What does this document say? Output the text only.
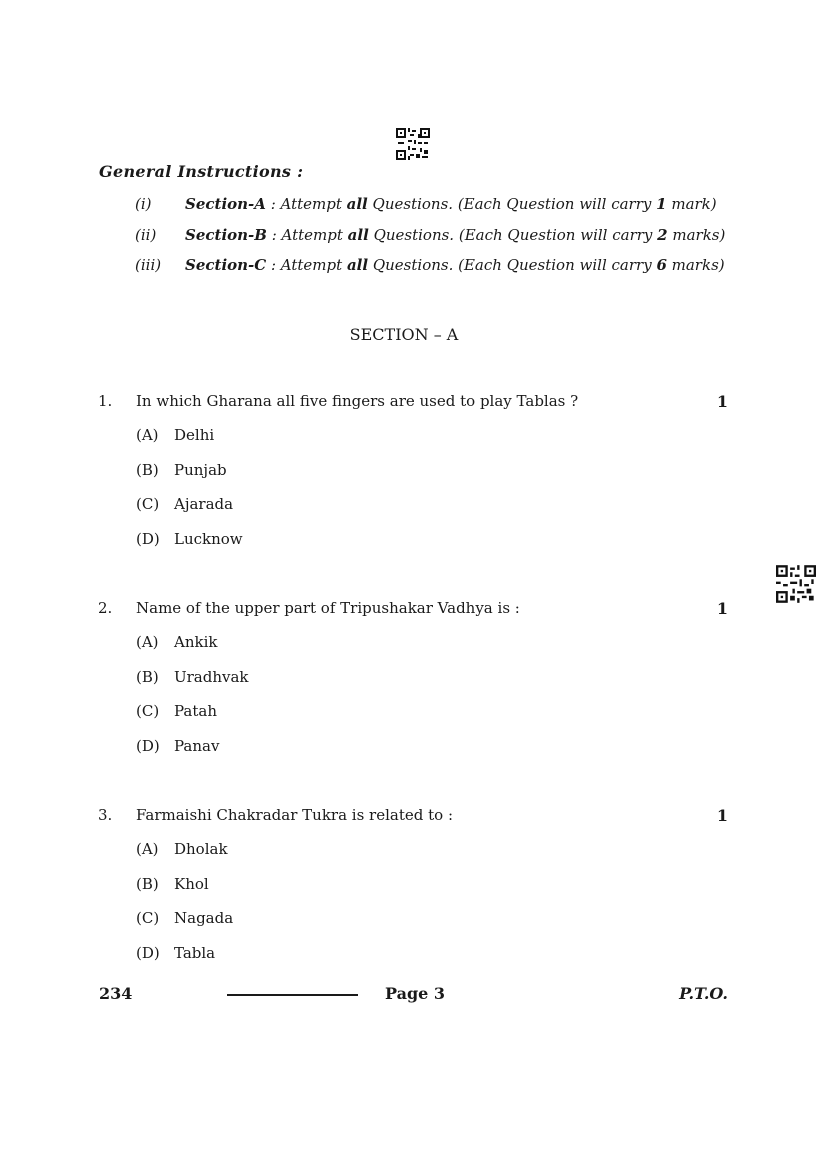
General Instructions :
(i)	Section-A : Attempt all Questions. (Each Question will carry 1 mark)
(ii)	Section-B : Attempt all Questions. (Each Question will carry 2 marks)
(iii)	Section-C : Attempt all Questions. (Each Question will carry 6 marks)
SECTION – A
1. In which Gharana all five fingers are used to play Tablas ?	1
(A) Delhi
(B) Punjab
(C) Ajarada
(D) Lucknow
2. Name of the upper part of Tripushakar Vadhya is :	1
(A) Ankik
(B) Uradhvak
(C) Patah
(D) Panav
3. Farmaishi Chakradar Tukra is related to :	1
(A) Dholak
(B) Khol
(C) Nagada
(D) Tabla
234	Page 3	P.T.O.
